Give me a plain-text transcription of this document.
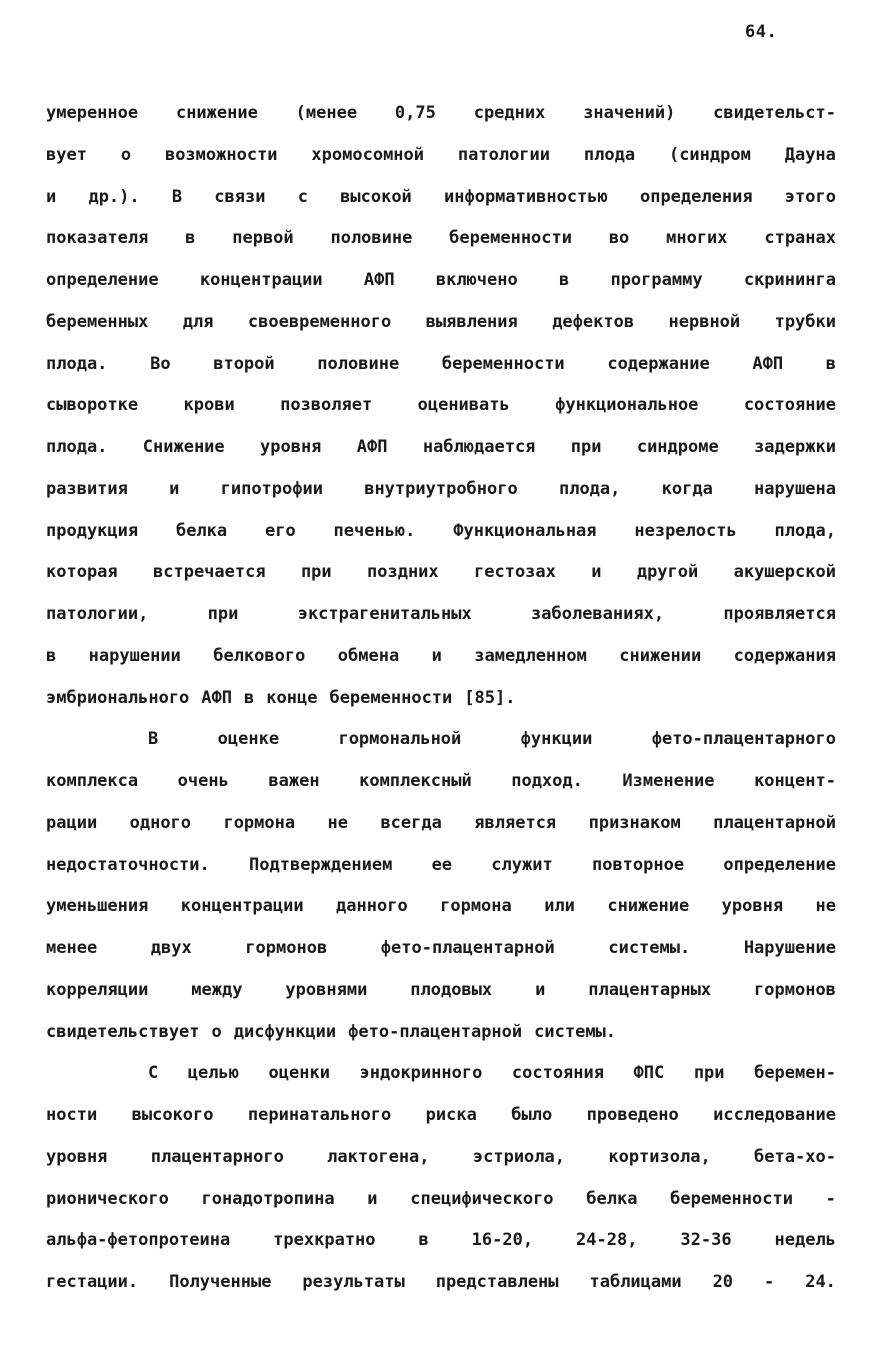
64.
умеренное снижение (менее 0,75 средних значений) свидетельст-
вует о возможности хромосомной патологии плода (синдром Дауна
и др.). В связи с высокой информативностью определения этого
показателя в первой половине беременности во многих странах
определение концентрации АФП включено в программу скрининга
беременных для своевременного выявления дефектов нервной трубки
плода.	Во	второй	половине	беременности	содержание	АФП	в
сыворотке	крови	позволяет	оценивать	функциональное	состояние
плода. Снижение уровня АФП наблюдается при синдроме задержки
развития и гипотрофии внутриутробного плода, когда нарушена
продукция белка его печенью. Функциональная незрелость плода,
которая встречается при поздних гестозах и другой акушерской
патологии,	при	экстрагенитальных	заболеваниях,	проявляется
в нарушении белкового обмена и замедленном снижении содержания
эмбрионального АФП в конце беременности [85].
В	оценке	гормональной	функции	фето-плацентарного
комплекса очень важен комплексный подход. Изменение концент-
рации одного гормона не всегда является признаком плацентарной
недостаточности. Подтверждением ее служит повторное определение
уменьшения концентрации данного гормона или снижение уровня не
менее	двух	гормонов	фето-плацентарной	системы.	Нарушение
корреляции	между	уровнями	плодовых	и	плацентарных	гормонов
свидетельствует о дисфункции фето-плацентарной системы.
С целью оценки эндокринного состояния ФПС при беремен-
ности высокого перинатального риска было проведено исследование
уровня	плацентарного	лактогена,	эстриола,	кортизола,	бета-хо-
рионического гонадотропина и специфического белка беременности -
альфа-фетопротеина	трехкратно	в	16-20,	24-28,	32-36	недель
гестации. Полученные результаты представлены таблицами 20 - 24.
